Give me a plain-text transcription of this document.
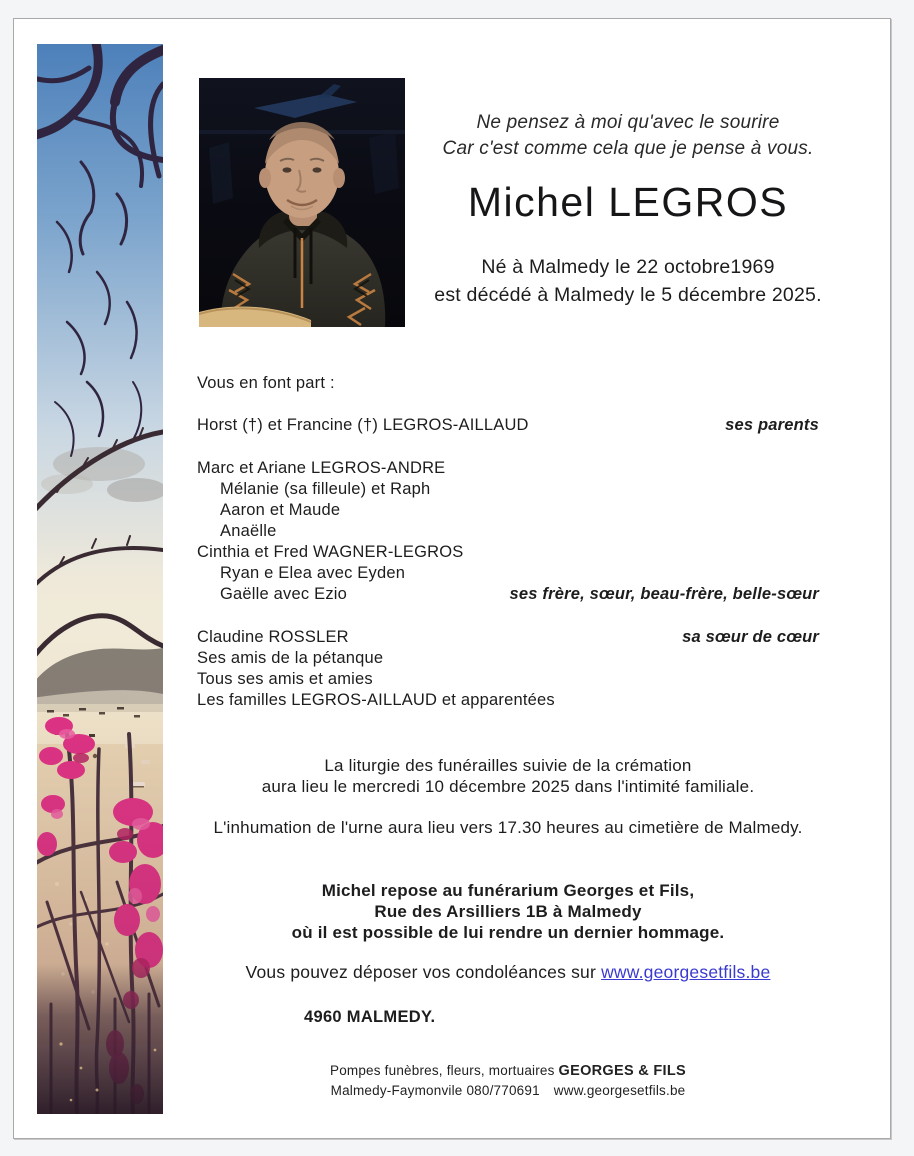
Ne pensez à moi qu'avec le sourire
Car c'est comme cela que je pense à vous.
Michel LEGROS
Né à Malmedy le 22 octobre1969
est décédé à Malmedy le 5 décembre 2025.
Vous en font part :
Horst (†) et Francine (†) LEGROS-AILLAUD	ses parents
Marc et Ariane LEGROS-ANDRE
Mélanie (sa filleule) et Raph
Aaron et Maude
Anaëlle
Cinthia et Fred WAGNER-LEGROS
Ryan e Elea avec Eyden
Gaëlle avec Ezio	ses frère, sœur, beau-frère, belle-sœur
Claudine ROSSLER	sa sœur de cœur
Ses amis de la pétanque
Tous ses amis et amies
Les familles LEGROS-AILLAUD et apparentées
La liturgie des funérailles suivie de la crémation
aura lieu le mercredi 10 décembre 2025 dans l'intimité familiale.
L'inhumation de l'urne aura lieu vers 17.30 heures au cimetière de Malmedy.
Michel repose au funérarium Georges et Fils,
Rue des Arsilliers 1B à Malmedy
où il est possible de lui rendre un dernier hommage.
Vous pouvez déposer vos condoléances sur www.georgesetfils.be
4960 MALMEDY.
Pompes funèbres, fleurs, mortuaires GEORGES & FILS
Malmedy-Faymonvile 080/770691 www.georgesetfils.be
